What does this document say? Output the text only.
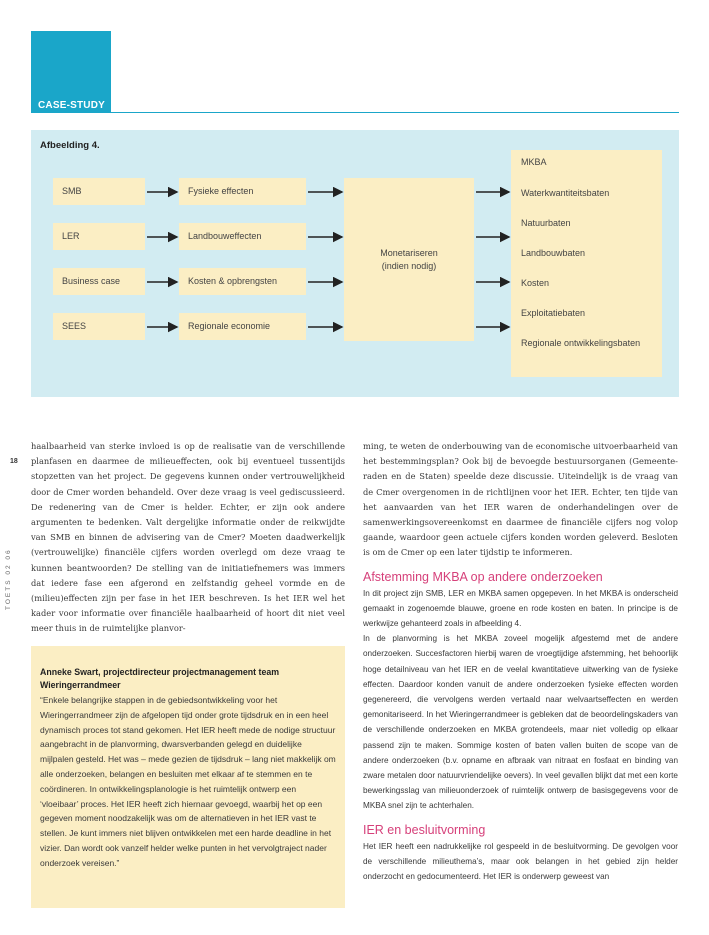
CASE-STUDY
Afbeelding 4.
SMB
LER
Business case
SEES
Fysieke effecten
Landbouweffecten
Kosten & opbrengsten
Regionale economie
Monetariseren
(indien nodig)
MKBA
Waterkwantiteitsbaten
Natuurbaten
Landbouwbaten
Kosten
Exploitatiebaten
Regionale ontwikkelingsbaten
18
TOETS 02 06

haalbaarheid van sterke invloed is op de realisatie van de verschillende planfasen en daarmee de milieueffecten, ook bij eventueel tussentijds stopzetten van het project. De gegevens kunnen onder vertrouwelijkheid door de Cmer worden behandeld. Over deze vraag is veel gediscussieerd. De redenering van de Cmer is helder. Echter, er zijn ook andere argumenten te bedenken. Valt dergelijke informatie onder de reikwijdte van SMB en binnen de advisering van de Cmer? Moeten daadwerkelijk (vertrouwelijke) financiële cijfers worden overlegd om deze vraag te kunnen beantwoorden? De stelling van de initiatiefnemers was immers dat iedere fase een afgerond en zelfstandig geheel vormde en de (milieu)effecten zijn per fase in het IER beschreven. Is het IER wel het kader voor informatie over financiële haalbaarheid of hoort dit niet veel meer thuis in de ruimtelijke planvor-

Anneke Swart, projectdirecteur projectmanagement team Wieringerrandmeer
“Enkele belangrijke stappen in de gebiedsontwikkeling voor het Wieringerrandmeer zijn de afgelopen tijd onder grote tijdsdruk en in een heel dynamisch proces tot stand gekomen. Het IER heeft mede de nodige structuur aangebracht in de planvorming, dwarsverbanden gelegd en duidelijke mijlpalen gesteld. Het was – mede gezien de tijdsdruk – lang niet makkelijk om alle onderzoeken, belangen en besluiten met elkaar af te stemmen en te coördineren. In ontwikkelingsplanologie is het ruimtelijk ontwerp een ‘vloeibaar’ proces. Het IER heeft zich hiernaar gevoegd, waarbij het op een gegeven moment noodzakelijk was om de alternatieven in het IER vast te stellen. Je kunt immers niet blijven ontwikkelen met een harde deadline in het vizier. Dan wordt ook vanzelf helder welke punten in het vervolgtraject nader onderzoek vereisen.”

ming, te weten de onderbouwing van de economische uitvoerbaarheid van het bestemmingsplan? Ook bij de bevoegde bestuursorganen (Gemeente-raden en de Staten) speelde deze discussie. Uiteindelijk is de vraag van de Cmer overgenomen in de richtlijnen voor het IER. Echter, ten tijde van het aanvaarden van het IER waren de onderhandelingen over de samenwerkingsovereenkomst en daarmee de financiële cijfers nog volop gaande, waardoor geen actuele cijfers konden worden geleverd. Besloten is om de Cmer op een later tijdstip te informeren.

Afstemming MKBA op andere onderzoeken

In dit project zijn SMB, LER en MKBA samen opgepeven. In het MKBA is onderscheid gemaakt in zogenoemde blauwe, groene en rode kosten en baten. In principe is de werkwijze gehanteerd zoals in afbeelding 4.

In de planvorming is het MKBA zoveel mogelijk afgestemd met de andere onderzoeken. Succesfactoren hierbij waren de vroegtijdige afstemming, het behoorlijk hoge detailniveau van het IER en de veelal kwantitatieve uitwerking van de fysieke effecten. Daardoor konden vanuit de andere onderzoeken fysieke effecten worden gegenereerd, die vervolgens werden vertaald naar welvaartseffecten en werden gemonitariseerd. In het Wieringerrandmeer is gebleken dat de beoordelingskaders van de verschillende onderzoeken en MKBA grotendeels, maar niet volledig op elkaar passend zijn te maken. Sommige kosten of baten vallen buiten de scope van de andere onderzoeken (b.v. opname en afbraak van nitraat en fosfaat en binding van zware metalen door natuurvriendelijke oevers). In veel gevallen blijkt dat met een korte bewerkingsslag van milieuonderzoek of ruimtelijk ontwerp de basisgegevens voor de MKBA snel zijn te achterhalen.

IER en besluitvorming

Het IER heeft een nadrukkelijke rol gespeeld in de besluitvorming. De gevolgen voor de verschillende milieuthema’s, maar ook belangen in het gebied zijn helder onderzocht en gedocumenteerd. Het IER is onderwerp geweest van
